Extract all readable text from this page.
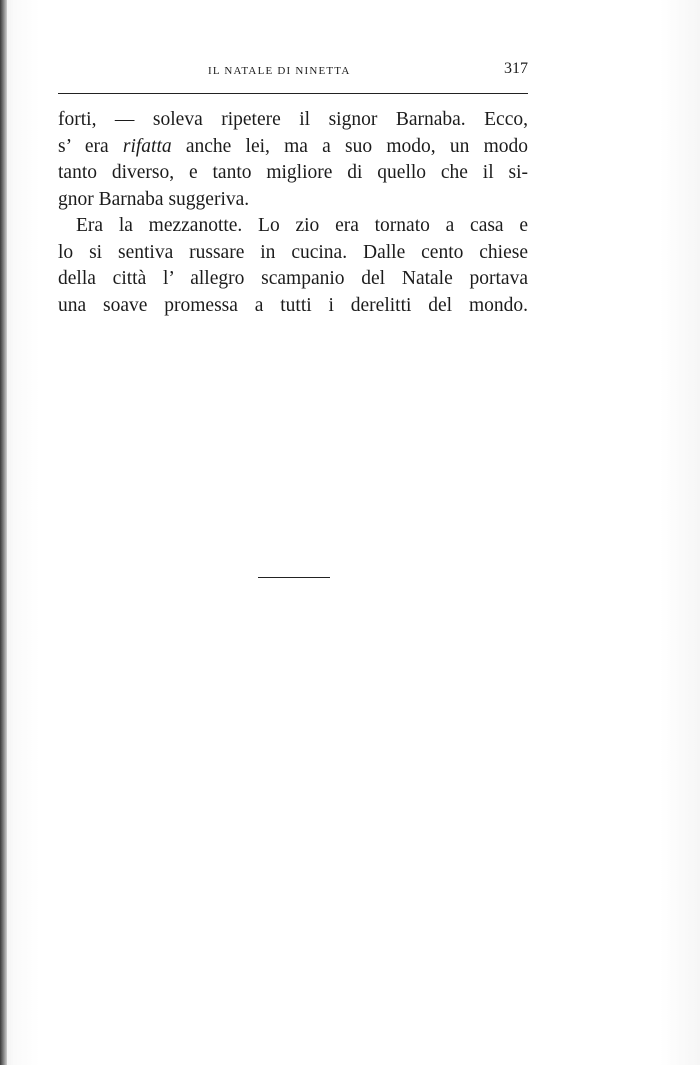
IL NATALE DI NINETTA	317

forti, — soleva ripetere il signor Barnaba. Ecco,
s’ era rifatta anche lei, ma a suo modo, un modo
tanto diverso, e tanto migliore di quello che il si-
gnor Barnaba suggeriva.

Era la mezzanotte. Lo zio era tornato a casa e
lo si sentiva russare in cucina. Dalle cento chiese
della città l’ allegro scampanio del Natale portava
una soave promessa a tutti i derelitti del mondo.
